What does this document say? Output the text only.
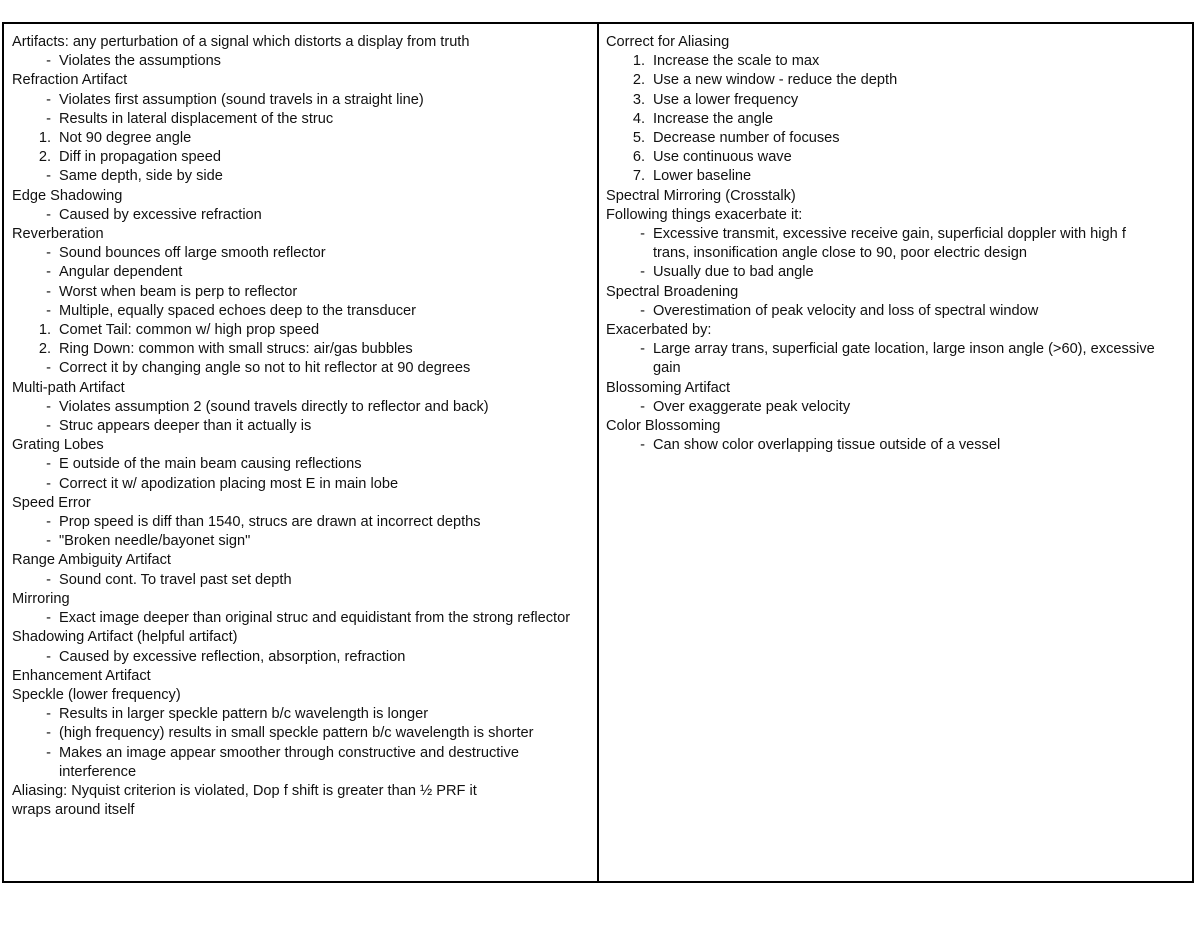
Artifacts: any perturbation of a signal which distorts a display from truth
- Violates the assumptions
Refraction Artifact
- Violates first assumption (sound travels in a straight line)
- Results in lateral displacement of the struc
1. Not 90 degree angle
2. Diff in propagation speed
- Same depth, side by side
Edge Shadowing
- Caused by excessive refraction
Reverberation
- Sound bounces off large smooth reflector
- Angular dependent
- Worst when beam is perp to reflector
- Multiple, equally spaced echoes deep to the transducer
1. Comet Tail: common w/ high prop speed
2. Ring Down: common with small strucs: air/gas bubbles
- Correct it by changing angle so not to hit reflector at 90 degrees
Multi-path Artifact
- Violates assumption 2 (sound travels directly to reflector and back)
- Struc appears deeper than it actually is
Grating Lobes
- E outside of the main beam causing reflections
- Correct it w/ apodization placing most E in main lobe
Speed Error
- Prop speed is diff than 1540, strucs are drawn at incorrect depths
- "Broken needle/bayonet sign"
Range Ambiguity Artifact
- Sound cont. To travel past set depth
Mirroring
- Exact image deeper than original struc and equidistant from the strong reflector
Shadowing Artifact (helpful artifact)
- Caused by excessive reflection, absorption, refraction
Enhancement Artifact
Speckle (lower frequency)
- Results in larger speckle pattern b/c wavelength is longer
- (high frequency) results in small speckle pattern b/c wavelength is shorter
- Makes an image appear smoother through constructive and destructive interference
Aliasing: Nyquist criterion is violated, Dop f shift is greater than ½ PRF it
wraps around itself
Correct for Aliasing
1. Increase the scale to max
2. Use a new window - reduce the depth
3. Use a lower frequency
4. Increase the angle
5. Decrease number of focuses
6. Use continuous wave
7. Lower baseline
Spectral Mirroring (Crosstalk)
Following things exacerbate it:
- Excessive transmit, excessive receive gain, superficial doppler with high f trans, insonification angle close to 90, poor electric design
- Usually due to bad angle
Spectral Broadening
- Overestimation of peak velocity and loss of spectral window
Exacerbated by:
- Large array trans, superficial gate location, large inson angle (>60), excessive gain
Blossoming Artifact
- Over exaggerate peak velocity
Color Blossoming
- Can show color overlapping tissue outside of a vessel
